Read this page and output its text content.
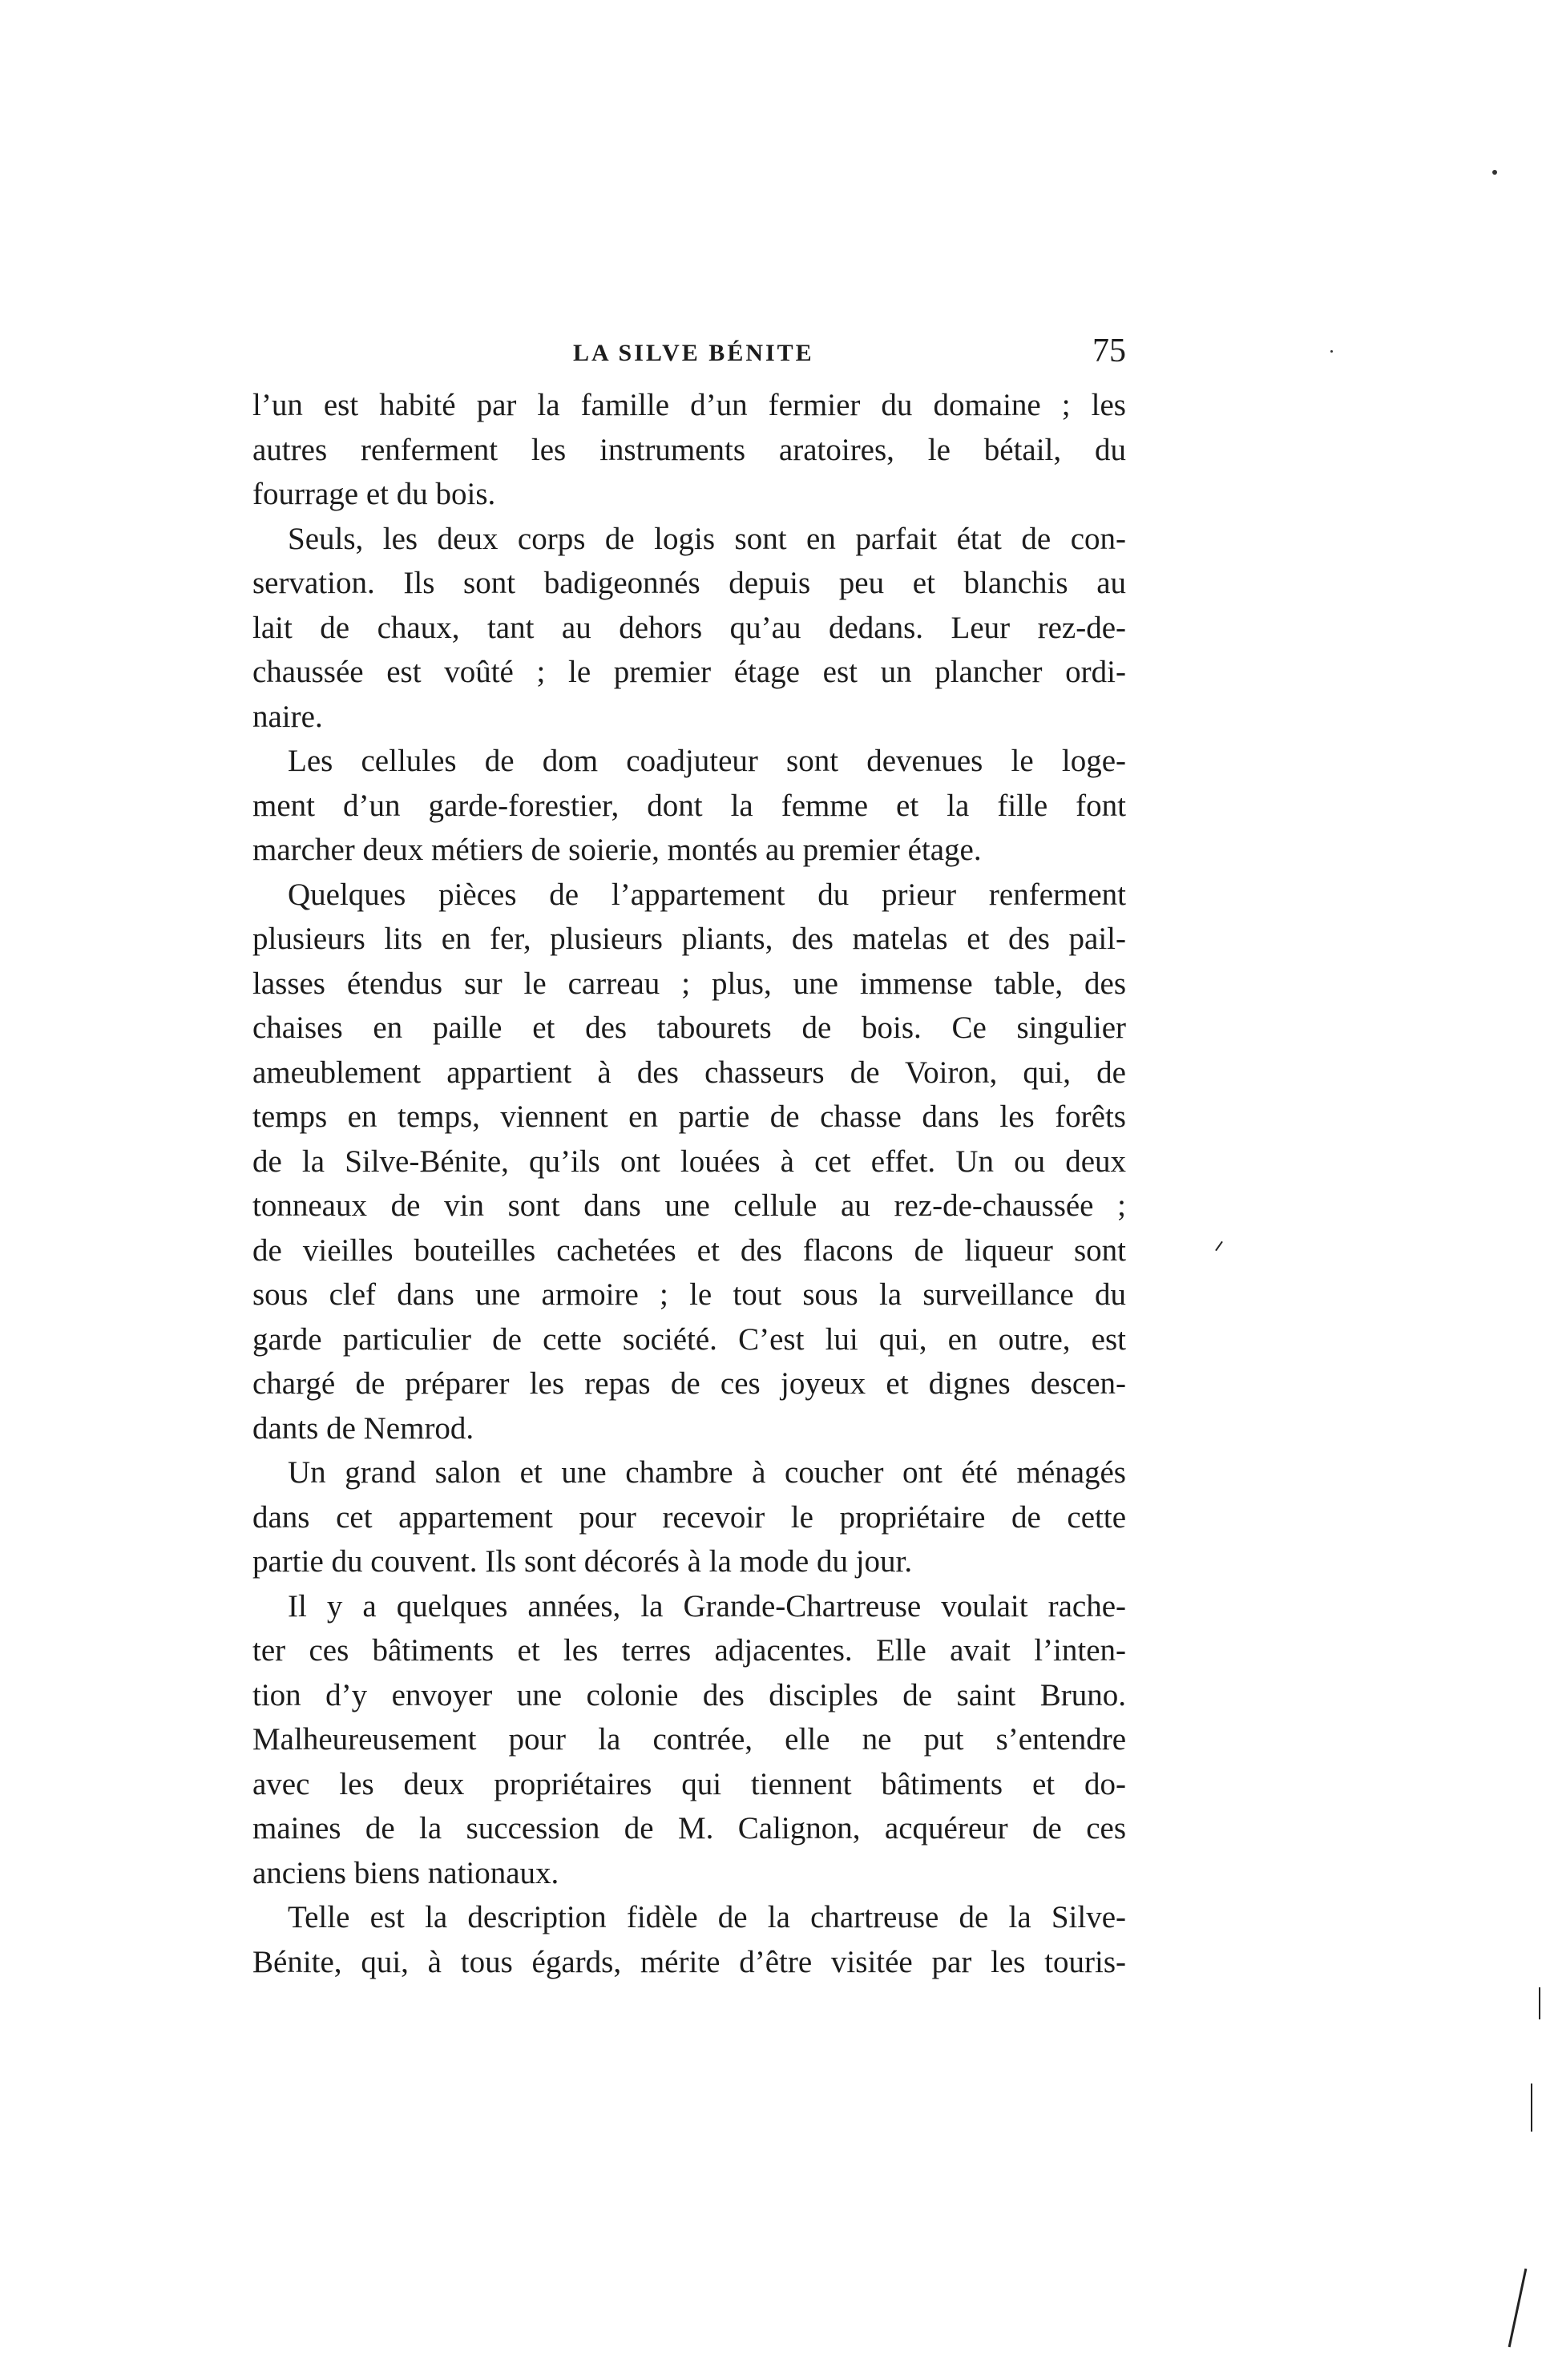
LA SILVE BÉNITE	75
l’un est habité par la famille d’un fermier du domaine ; les
autres renferment les instruments aratoires, le bétail, du
fourrage et du bois.
Seuls, les deux corps de logis sont en parfait état de con-
servation. Ils sont badigeonnés depuis peu et blanchis au
lait de chaux, tant au dehors qu’au dedans. Leur rez-de-
chaussée est voûté ; le premier étage est un plancher ordi-
naire.
Les cellules de dom coadjuteur sont devenues le loge-
ment d’un garde-forestier, dont la femme et la fille font
marcher deux métiers de soierie, montés au premier étage.
Quelques pièces de l’appartement du prieur renferment
plusieurs lits en fer, plusieurs pliants, des matelas et des pail-
lasses étendus sur le carreau ; plus, une immense table, des
chaises en paille et des tabourets de bois. Ce singulier
ameublement appartient à des chasseurs de Voiron, qui, de
temps en temps, viennent en partie de chasse dans les forêts
de la Silve-Bénite, qu’ils ont louées à cet effet. Un ou deux
tonneaux de vin sont dans une cellule au rez-de-chaussée ;
de vieilles bouteilles cachetées et des flacons de liqueur sont
sous clef dans une armoire ; le tout sous la surveillance du
garde particulier de cette société. C’est lui qui, en outre, est
chargé de préparer les repas de ces joyeux et dignes descen-
dants de Nemrod.
Un grand salon et une chambre à coucher ont été ménagés
dans cet appartement pour recevoir le propriétaire de cette
partie du couvent. Ils sont décorés à la mode du jour.
Il y a quelques années, la Grande-Chartreuse voulait rache-
ter ces bâtiments et les terres adjacentes. Elle avait l’inten-
tion d’y envoyer une colonie des disciples de saint Bruno.
Malheureusement pour la contrée, elle ne put s’entendre
avec les deux propriétaires qui tiennent bâtiments et do-
maines de la succession de M. Calignon, acquéreur de ces
anciens biens nationaux.
Telle est la description fidèle de la chartreuse de la Silve-
Bénite, qui, à tous égards, mérite d’être visitée par les touris-
